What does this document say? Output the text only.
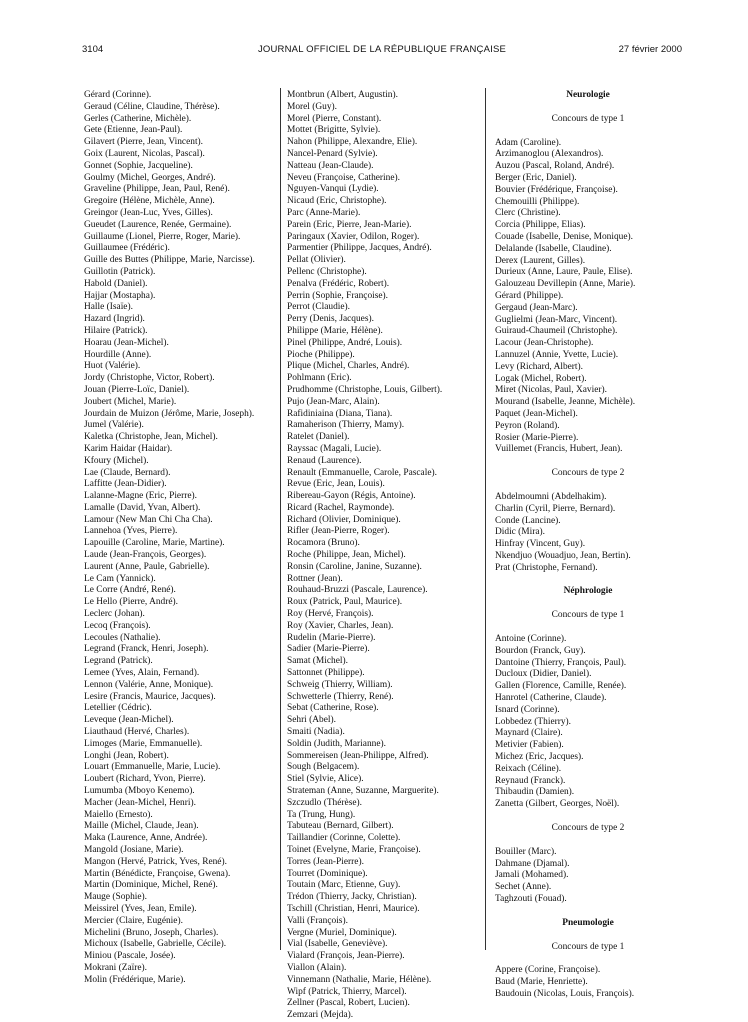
3104	JOURNAL OFFICIEL DE LA RÉPUBLIQUE FRANÇAISE	27 février 2000

Gérard (Corinne).

Geraud (Céline, Claudine, Thérèse).

Gerles (Catherine, Michèle).

Gete (Etienne, Jean-Paul).

Gilavert (Pierre, Jean, Vincent).

Goix (Laurent, Nicolas, Pascal).

Gonnet (Sophie, Jacqueline).

Goulmy (Michel, Georges, André).

Graveline (Philippe, Jean, Paul, René).

Gregoire (Hélène, Michèle, Anne).

Greingor (Jean-Luc, Yves, Gilles).

Gueudet (Laurence, Renée, Germaine).

Guillaume (Lionel, Pierre, Roger, Marie).

Guillaumee (Frédéric).

Guille des Buttes (Philippe, Marie, Narcisse).

Guillotin (Patrick).

Habold (Daniel).

Hajjar (Mostapha).

Halle (Isaïe).

Hazard (Ingrid).

Hilaire (Patrick).

Hoarau (Jean-Michel).

Hourdille (Anne).

Huot (Valérie).

Jordy (Christophe, Victor, Robert).

Jouan (Pierre-Loïc, Daniel).

Joubert (Michel, Marie).

Jourdain de Muizon (Jérôme, Marie, Joseph).

Jumel (Valérie).

Kaletka (Christophe, Jean, Michel).

Karim Haidar (Haidar).

Kfoury (Michel).

Lae (Claude, Bernard).

Laffitte (Jean-Didier).

Lalanne-Magne (Eric, Pierre).

Lamalle (David, Yvan, Albert).

Lamour (New Man Chi Cha Cha).

Lannehoa (Yves, Pierre).

Lapouille (Caroline, Marie, Martine).

Laude (Jean-François, Georges).

Laurent (Anne, Paule, Gabrielle).

Le Cam (Yannick).

Le Corre (André, René).

Le Hello (Pierre, André).

Leclerc (Johan).

Lecoq (François).

Lecoules (Nathalie).

Legrand (Franck, Henri, Joseph).

Legrand (Patrick).

Lemee (Yves, Alain, Fernand).

Lennon (Valérie, Anne, Monique).

Lesire (Francis, Maurice, Jacques).

Letellier (Cédric).

Leveque (Jean-Michel).

Liauthaud (Hervé, Charles).

Limoges (Marie, Emmanuelle).

Longhi (Jean, Robert).

Louart (Emmanuelle, Marie, Lucie).

Loubert (Richard, Yvon, Pierre).

Lumumba (Mboyo Kenemo).

Macher (Jean-Michel, Henri).

Maiello (Ernesto).

Maille (Michel, Claude, Jean).

Maka (Laurence, Anne, Andrée).

Mangold (Josiane, Marie).

Mangon (Hervé, Patrick, Yves, René).

Martin (Bénédicte, Françoise, Gwena).

Martin (Dominique, Michel, René).

Mauge (Sophie).

Meissirel (Yves, Jean, Emile).

Mercier (Claire, Eugénie).

Michelini (Bruno, Joseph, Charles).

Michoux (Isabelle, Gabrielle, Cécile).

Miniou (Pascale, Josée).

Mokrani (Zaïre).

Molin (Frédérique, Marie).

Montbrun (Albert, Augustin).

Morel (Guy).

Morel (Pierre, Constant).

Mottet (Brigitte, Sylvie).

Nahon (Philippe, Alexandre, Elie).

Nancel-Penard (Sylvie).

Natteau (Jean-Claude).

Neveu (Françoise, Catherine).

Nguyen-Vanqui (Lydie).

Nicaud (Eric, Christophe).

Parc (Anne-Marie).

Parein (Eric, Pierre, Jean-Marie).

Paringaux (Xavier, Odilon, Roger).

Parmentier (Philippe, Jacques, André).

Pellat (Olivier).

Pellenc (Christophe).

Penalva (Frédéric, Robert).

Perrin (Sophie, Françoise).

Perrot (Claudie).

Perry (Denis, Jacques).

Philippe (Marie, Hélène).

Pinel (Philippe, André, Louis).

Pioche (Philippe).

Plique (Michel, Charles, André).

Pohlmann (Eric).

Prudhomme (Christophe, Louis, Gilbert).

Pujo (Jean-Marc, Alain).

Rafidiniaina (Diana, Tiana).

Ramaherison (Thierry, Mamy).

Ratelet (Daniel).

Rayssac (Magali, Lucie).

Renaud (Laurence).

Renault (Emmanuelle, Carole, Pascale).

Revue (Eric, Jean, Louis).

Ribereau-Gayon (Régis, Antoine).

Ricard (Rachel, Raymonde).

Richard (Olivier, Dominique).

Rifler (Jean-Pierre, Roger).

Rocamora (Bruno).

Roche (Philippe, Jean, Michel).

Ronsin (Caroline, Janine, Suzanne).

Rottner (Jean).

Rouhaud-Bruzzi (Pascale, Laurence).

Roux (Patrick, Paul, Maurice).

Roy (Hervé, François).

Roy (Xavier, Charles, Jean).

Rudelin (Marie-Pierre).

Sadier (Marie-Pierre).

Samat (Michel).

Sattonnet (Philippe).

Schweig (Thierry, William).

Schwetterle (Thierry, René).

Sebat (Catherine, Rose).

Sehri (Abel).

Smaiti (Nadia).

Soldin (Judith, Marianne).

Sommereisen (Jean-Philippe, Alfred).

Sough (Belgacem).

Stiel (Sylvie, Alice).

Strateman (Anne, Suzanne, Marguerite).

Szczudlo (Thérèse).

Ta (Trung, Hung).

Tabuteau (Bernard, Gilbert).

Taillandier (Corinne, Colette).

Toinet (Evelyne, Marie, Françoise).

Torres (Jean-Pierre).

Tourret (Dominique).

Toutain (Marc, Etienne, Guy).

Trédon (Thierry, Jacky, Christian).

Tschill (Christian, Henri, Maurice).

Valli (François).

Vergne (Muriel, Dominique).

Vial (Isabelle, Geneviève).

Vialard (François, Jean-Pierre).

Viallon (Alain).

Vinnemann (Nathalie, Marie, Hélène).

Wipf (Patrick, Thierry, Marcel).

Zellner (Pascal, Robert, Lucien).

Zemzari (Mejda).

Neurologie
Concours de type 1

Adam (Caroline).

Arzimanoglou (Alexandros).

Auzou (Pascal, Roland, André).

Berger (Eric, Daniel).

Bouvier (Frédérique, Françoise).

Chemouilli (Philippe).

Clerc (Christine).

Corcia (Philippe, Elias).

Couade (Isabelle, Denise, Monique).

Delalande (Isabelle, Claudine).

Derex (Laurent, Gilles).

Durieux (Anne, Laure, Paule, Elise).

Galouzeau Devillepin (Anne, Marie).

Gérard (Philippe).

Gergaud (Jean-Marc).

Guglielmi (Jean-Marc, Vincent).

Guiraud-Chaumeil (Christophe).

Lacour (Jean-Christophe).

Lannuzel (Annie, Yvette, Lucie).

Levy (Richard, Albert).

Logak (Michel, Robert).

Miret (Nicolas, Paul, Xavier).

Mourand (Isabelle, Jeanne, Michèle).

Paquet (Jean-Michel).

Peyron (Roland).

Rosier (Marie-Pierre).

Vuillemet (Francis, Hubert, Jean).

Concours de type 2

Abdelmoumni (Abdelhakim).

Charlin (Cyril, Pierre, Bernard).

Conde (Lancine).

Didic (Mira).

Hinfray (Vincent, Guy).

Nkendjuo (Wouadjuo, Jean, Bertin).

Prat (Christophe, Fernand).

Néphrologie
Concours de type 1

Antoine (Corinne).

Bourdon (Franck, Guy).

Dantoine (Thierry, François, Paul).

Ducloux (Didier, Daniel).

Gallen (Florence, Camille, Renée).

Hanrotel (Catherine, Claude).

Isnard (Corinne).

Lobbedez (Thierry).

Maynard (Claire).

Metivier (Fabien).

Michez (Eric, Jacques).

Reixach (Céline).

Reynaud (Franck).

Thibaudin (Damien).

Zanetta (Gilbert, Georges, Noël).

Concours de type 2

Bouiller (Marc).

Dahmane (Djamal).

Jamali (Mohamed).

Sechet (Anne).

Taghzouti (Fouad).

Pneumologie
Concours de type 1

Appere (Corine, Françoise).

Baud (Marie, Henriette).

Baudouin (Nicolas, Louis, François).
